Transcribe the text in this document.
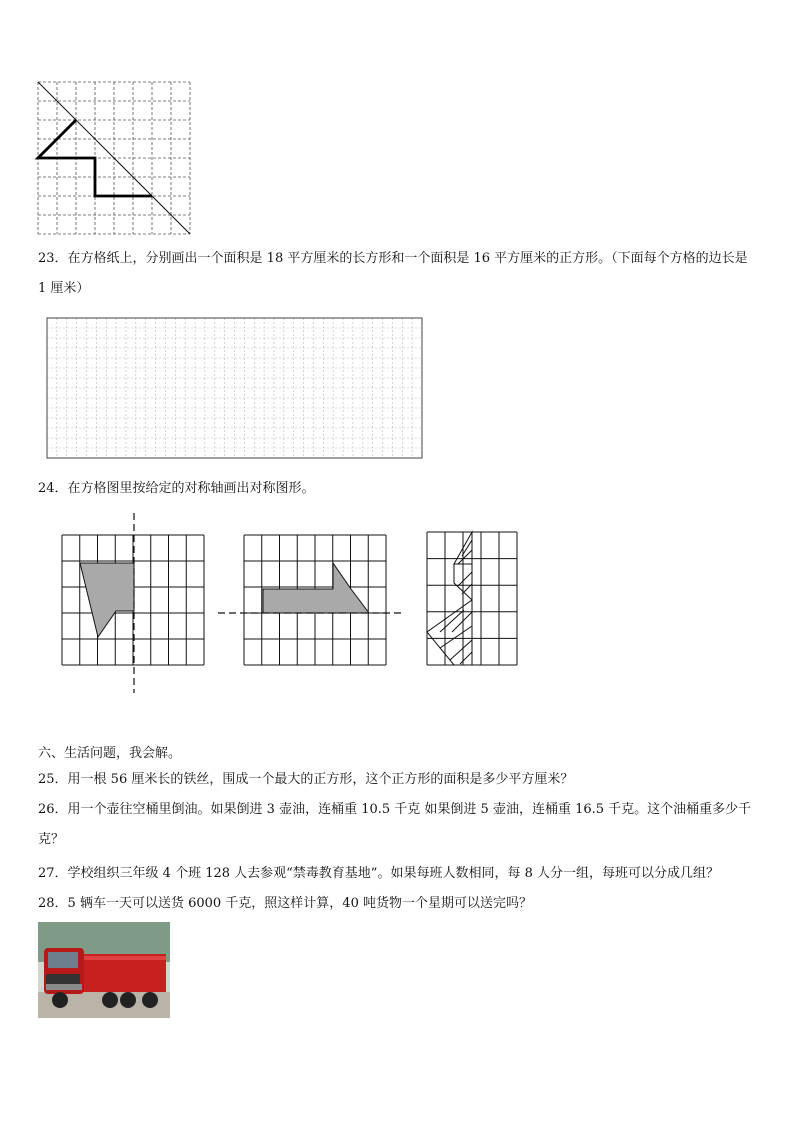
23．在方格纸上，分别画出一个面积是 18 平方厘米的长方形和一个面积是 16 平方厘米的正方形。（下面每个方格的边长是 1 厘米）
24．在方格图里按给定的对称轴画出对称图形。
六、生活问题，我会解。
25．用一根 56 厘米长的铁丝，围成一个最大的正方形，这个正方形的面积是多少平方厘米？
26．用一个壶往空桶里倒油。如果倒进 3 壶油，连桶重 10.5 千克 如果倒进 5 壶油，连桶重 16.5 千克。这个油桶重多少千克？
27．学校组织三年级 4 个班 128 人去参观“禁毒教育基地”。如果每班人数相同，每 8 人分一组，每班可以分成几组？
28．5 辆车一天可以送货 6000 千克，照这样计算，40 吨货物一个星期可以送完吗？
